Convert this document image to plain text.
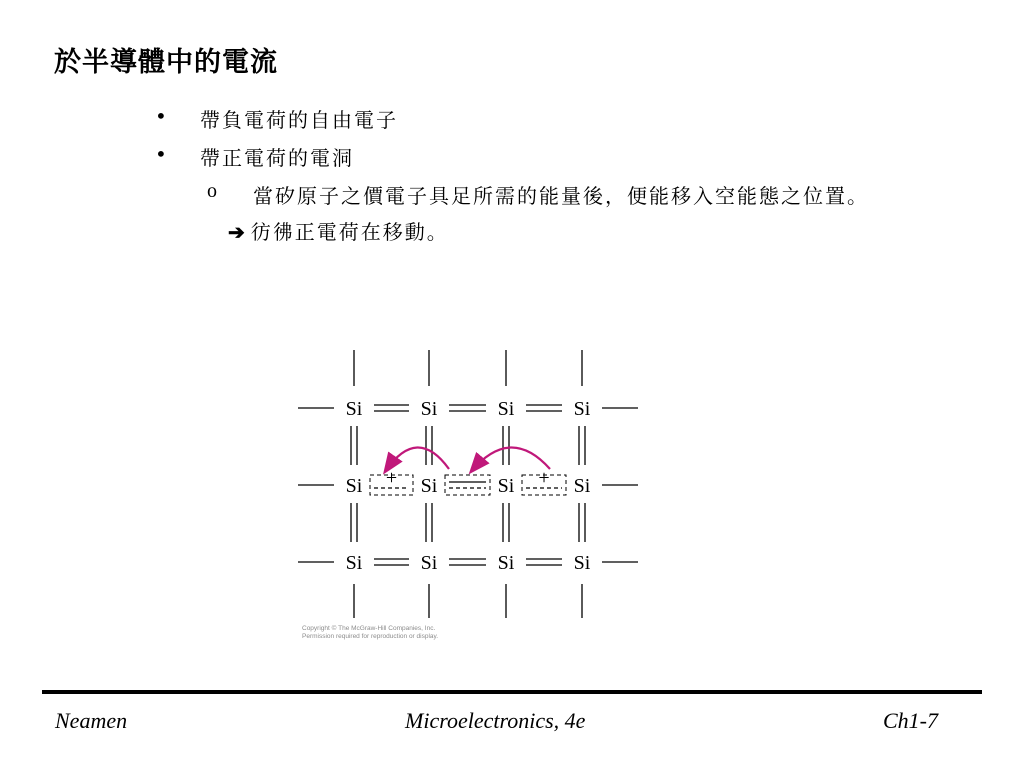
於半導體中的電流
• 帶負電荷的自由電子
• 帶正電荷的電洞
o 當矽原子之價電子具足所需的能量後，便能移入空能態之位置。
➔ 彷彿正電荷在移動。
+	+
Si	Si	Si	Si
Si	Si	Si	Si
Si	Si	Si	Si
Copyright © The McGraw-Hill Companies, Inc.
Permission required for reproduction or display.
Neamen	Microelectronics, 4e	Ch1-7
